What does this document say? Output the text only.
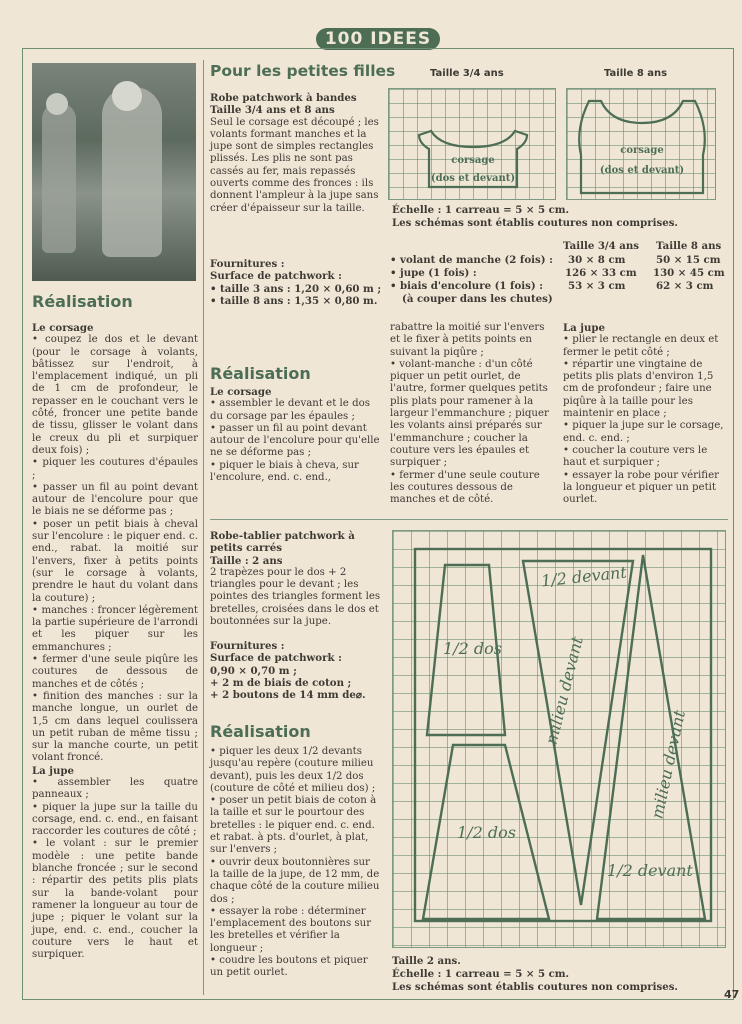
100 IDEES
Réalisation

Le corsage

• coupez le dos et le devant (pour le corsage à volants, bâtissez sur l'endroit, à l'emplacement indiqué, un pli de 1 cm de profondeur, le repasser en le couchant vers le côté, froncer une petite bande de tissu, glisser le volant dans le creux du pli et surpiquer deux fois) ;

• piquer les coutures d'épaules ;

• passer un fil au point devant autour de l'encolure pour que le biais ne se déforme pas ;

• poser un petit biais à cheval sur l'encolure : le piquer end. c. end., rabat. la moitié sur l'envers, fixer à petits points (sur le corsage à volants, prendre le haut du volant dans la couture) ;

• manches : froncer légèrement la partie supérieure de l'arrondi et les piquer sur les emmanchures ;

• fermer d'une seule piqûre les coutures de dessous de manches et de côtés ;

• finition des manches : sur la manche longue, un ourlet de 1,5 cm dans lequel coulissera un petit ruban de même tissu ; sur la manche courte, un petit volant froncé.

La jupe

• assembler les quatre panneaux ;

• piquer la jupe sur la taille du corsage, end. c. end., en faisant raccorder les coutures de côté ;

• le volant : sur le premier modèle : une petite bande blanche froncée ; sur le second : répartir des petits plis plats sur la bande-volant pour ramener la longueur au tour de jupe ; piquer le volant sur la jupe, end. c. end., coucher la couture vers le haut et surpiquer.

Pour les petites filles

Robe patchwork à bandes

Taille 3/4 ans et 8 ans

Seul le corsage est découpé ; les volants formant manches et la jupe sont de simples rectangles plissés. Les plis ne sont pas cassés au fer, mais repassés ouverts comme des fronces : ils donnent l'ampleur à la jupe sans créer d'épaisseur sur la taille.

Fournitures :

Surface de patchwork :

• taille 3 ans : 1,20 × 0,60 m ;

• taille 8 ans : 1,35 × 0,80 m.

Réalisation

Le corsage

• assembler le devant et le dos du corsage par les épaules ;

• passer un fil au point devant autour de l'encolure pour qu'elle ne se déforme pas ;

• piquer le biais à cheva, sur l'encolure, end. c. end.,

rabattre la moitié sur l'envers et le fixer à petits points en suivant la piqûre ;

• volant-manche : d'un côté piquer un petit ourlet, de l'autre, former quelques petits plis plats pour ramener à la largeur l'emmanchure ; piquer les volants ainsi préparés sur l'emmanchure ; coucher la couture vers les épaules et surpiquer ;

• fermer d'une seule couture les coutures dessous de manches et de côté.

La jupe

• plier le rectangle en deux et fermer le petit côté ;

• répartir une vingtaine de petits plis plats d'environ 1,5 cm de profondeur ; faire une piqûre à la taille pour les maintenir en place ;

• piquer la jupe sur le corsage, end. c. end. ;

• coucher la couture vers le haut et surpiquer ;

• essayer la robe pour vérifier la longueur et piquer un petit ourlet.

Taille 3/4 ans	Taille 8 ans
corsage
(dos et devant)
corsage
(dos et devant)
Échelle : 1 carreau = 5 × 5 cm.
Les schémas sont établis coutures non comprises.
Taille 3/4 ans Taille 8 ans
• volant de manche (2 fois) : 30 × 8 cm	50 × 15 cm
• jupe (1 fois) :	126 × 33 cm 130 × 45 cm
• biais d'encolure (1 fois) : 53 × 3 cm	62 × 3 cm
(à couper dans les chutes)

Robe-tablier patchwork à petits carrés

Taille : 2 ans

2 trapèzes pour le dos + 2 triangles pour le devant ; les pointes des triangles forment les bretelles, croisées dans le dos et boutonnées sur la jupe.

Fournitures :

Surface de patchwork :

0,90 × 0,70 m ;

+ 2 m de biais de coton ;

+ 2 boutons de 14 mm de⌀.

Réalisation

• piquer les deux 1/2 devants jusqu'au repère (couture milieu devant), puis les deux 1/2 dos (couture de côté et milieu dos) ;

• poser un petit biais de coton à la taille et sur le pourtour des bretelles : le piquer end. c. end. et rabat. à pts. d'ourlet, à plat, sur l'envers ;

• ouvrir deux boutonnières sur la taille de la jupe, de 12 mm, de chaque côté de la couture milieu dos ;

• essayer la robe : déterminer l'emplacement des boutons sur les bretelles et vérifier la longueur ;

• coudre les boutons et piquer un petit ourlet.

1/2 dos
1/2 dos
1/2 devant
1/2 devant
milieu devant
milieu devant
Taille 2 ans.
Échelle : 1 carreau = 5 × 5 cm.
Les schémas sont établis coutures non comprises.
47
